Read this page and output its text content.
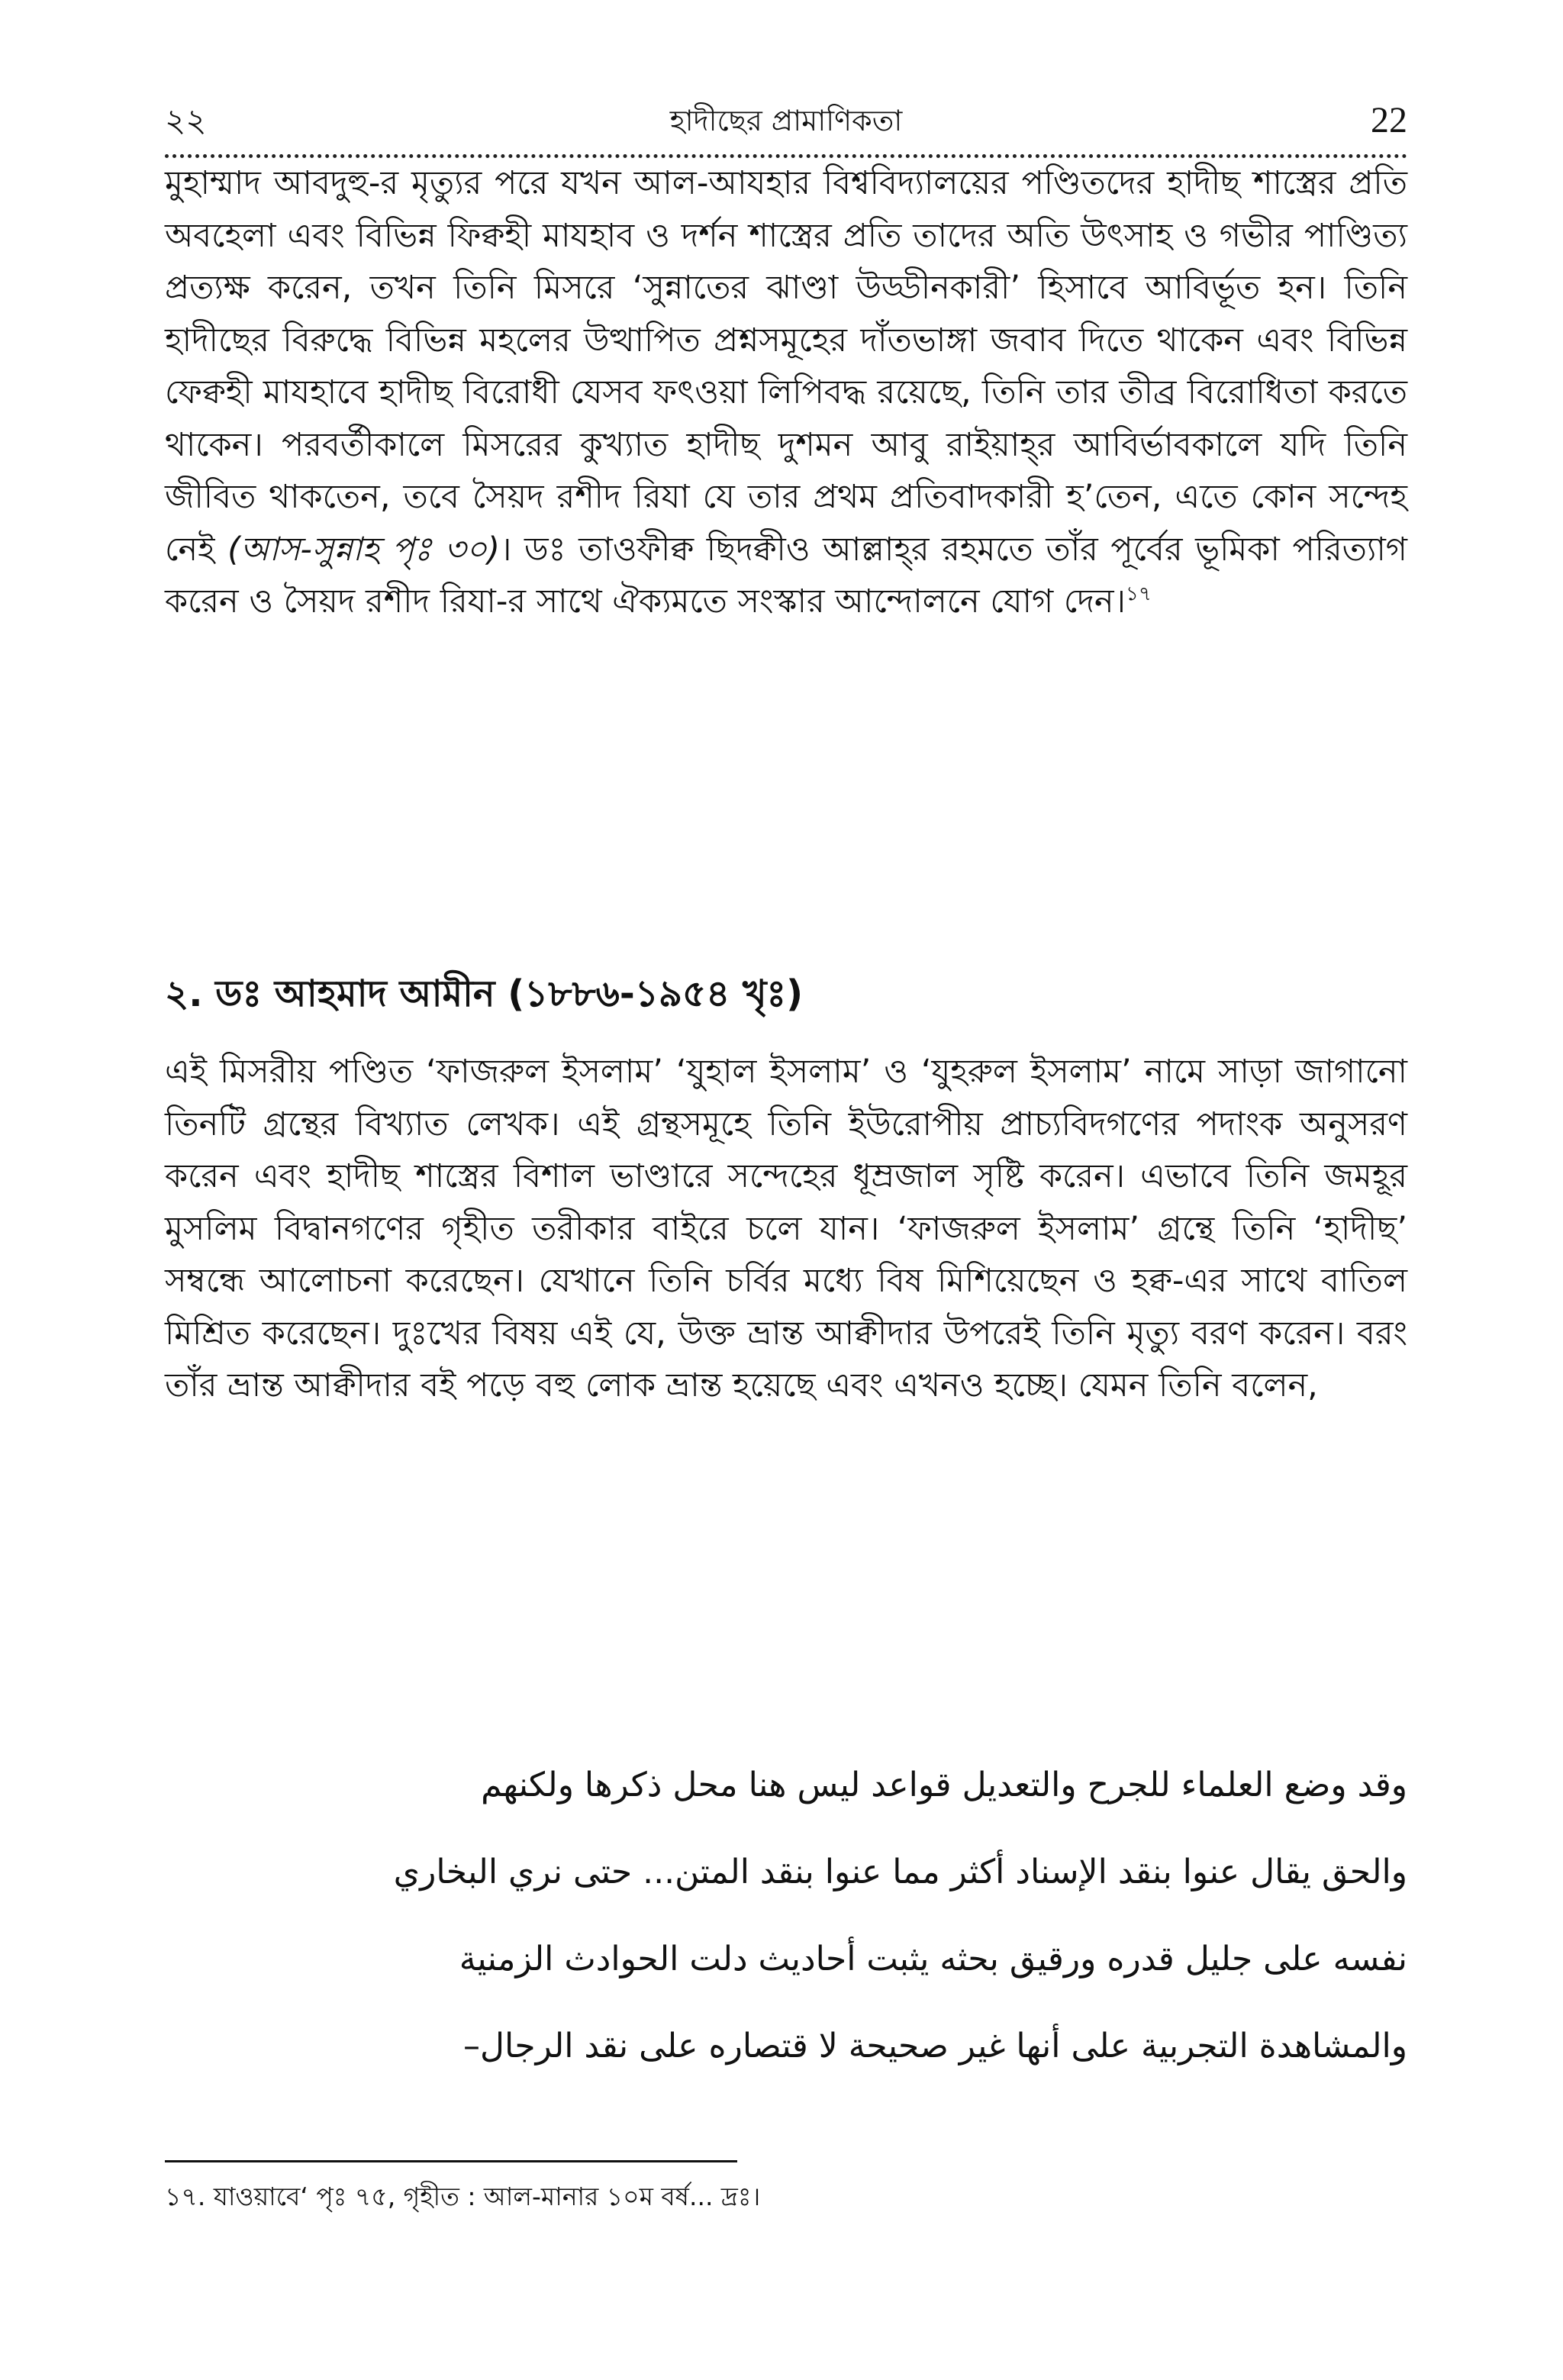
২২	হাদীছের প্রামাণিকতা	22

মুহাম্মাদ আবদুহু-র মৃত্যুর পরে যখন আল-আযহার বিশ্ববিদ্যালয়ের পণ্ডিতদের হাদীছ শাস্ত্রের প্রতি অবহেলা এবং বিভিন্ন ফিক্বহী মাযহাব ও দর্শন শাস্ত্রের প্রতি তাদের অতি উৎসাহ ও গভীর পাণ্ডিত্য প্রত্যক্ষ করেন, তখন তিনি মিসরে ‘সুন্নাতের ঝাণ্ডা উড্ডীনকারী’ হিসাবে আবির্ভূত হন। তিনি হাদীছের বিরুদ্ধে বিভিন্ন মহলের উত্থাপিত প্রশ্নসমূহের দাঁতভাঙ্গা জবাব দিতে থাকেন এবং বিভিন্ন ফেক্বহী মাযহাবে হাদীছ বিরোধী যেসব ফৎওয়া লিপিবদ্ধ রয়েছে, তিনি তার তীব্র বিরোধিতা করতে থাকেন। পরবর্তীকালে মিসরের কুখ্যাত হাদীছ দুশমন আবু রাইয়াহ্‌র আবির্ভাবকালে যদি তিনি জীবিত থাকতেন, তবে সৈয়দ রশীদ রিযা যে তার প্রথম প্রতিবাদকারী হ’তেন, এতে কোন সন্দেহ নেই (আস-সুন্নাহ পৃঃ ৩০)। ডঃ তাওফীক্ব ছিদক্বীও আল্লাহ্‌র রহমতে তাঁর পূর্বের ভূমিকা পরিত্যাগ করেন ও সৈয়দ রশীদ রিযা-র সাথে ঐক্যমতে সংস্কার আন্দোলনে যোগ দেন।$^{১৭}$

২. ডঃ আহমাদ আমীন (১৮৮৬-১৯৫৪ খৃঃ)

এই মিসরীয় পণ্ডিত ‘ফাজরুল ইসলাম’ ‘যুহাল ইসলাম’ ও ‘যুহরুল ইসলাম’ নামে সাড়া জাগানো তিনটি গ্রন্থের বিখ্যাত লেখক। এই গ্রন্থসমূহে তিনি ইউরোপীয় প্রাচ্যবিদগণের পদাংক অনুসরণ করেন এবং হাদীছ শাস্ত্রের বিশাল ভাণ্ডারে সন্দেহের ধূম্রজাল সৃষ্টি করেন। এভাবে তিনি জমহূর মুসলিম বিদ্বানগণের গৃহীত তরীকার বাইরে চলে যান। ‘ফাজরুল ইসলাম’ গ্রন্থে তিনি ‘হাদীছ’ সম্বন্ধে আলোচনা করেছেন। যেখানে তিনি চর্বির মধ্যে বিষ মিশিয়েছেন ও হক্ব-এর সাথে বাতিল মিশ্রিত করেছেন। দুঃখের বিষয় এই যে, উক্ত ভ্রান্ত আক্বীদার উপরেই তিনি মৃত্যু বরণ করেন। বরং তাঁর ভ্রান্ত আক্বীদার বই পড়ে বহু লোক ভ্রান্ত হয়েছে এবং এখনও হচ্ছে। যেমন তিনি বলেন,

وقد وضع العلماء للجرح والتعديل قواعد ليس هنا محل ذكرها ولكنهم
والحق يقال عنوا بنقد الإسناد أكثر مما عنوا بنقد المتن... حتى نري البخاري
نفسه على جليل قدره ورقيق بحثه يثبت أحاديث دلت الحوادث الزمنية
والمشاهدة التجربية على أنها غير صحيحة لا قتصاره على نقد الرجال–
১৭. যাওয়াবে‘ পৃঃ ৭৫, গৃহীত : আল-মানার ১০ম বর্ষ... দ্রঃ।
